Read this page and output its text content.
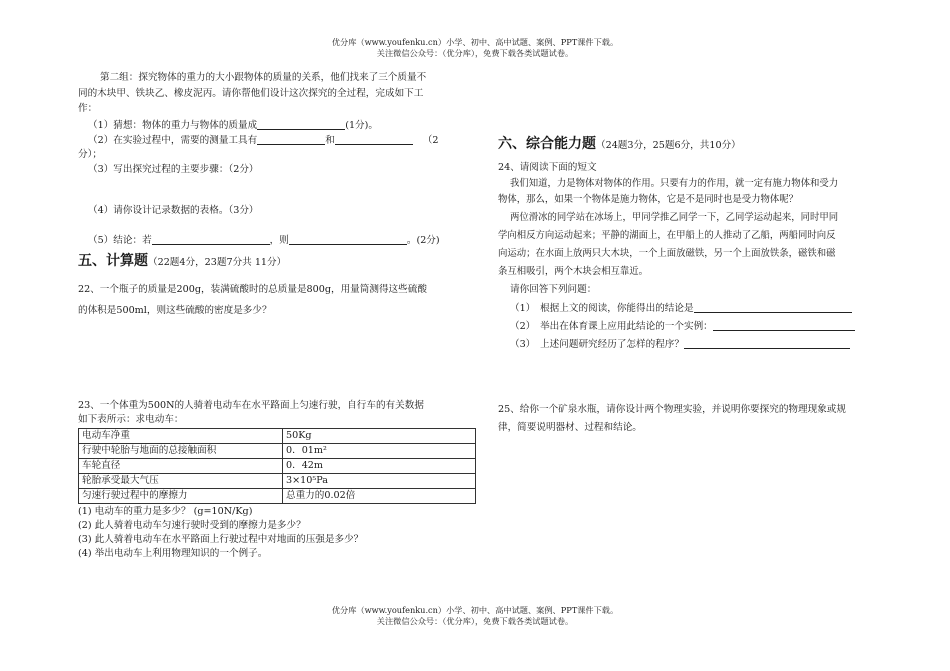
优分库（www.youfenku.cn）小学、初中、高中试题、案例、PPT课件下载。
关注微信公众号：（优分库），免费下载各类试题试卷。
第二组：探究物体的重力的大小跟物体的质量的关系，他们找来了三个质量不
同的木块甲、铁块乙、橡皮泥丙。请你帮他们设计这次探究的全过程，完成如下工
作：
（1）猜想：物体的重力与物体的质量成	(1分)。
（2）在实验过程中，需要的测量工具有	和	（2
分）；
（3）写出探究过程的主要步骤：（2分）
（4）请你设计记录数据的表格。（3分）
（5）结论：若	，则	。(2分)
五、计算题（22题4分，23题7分共 11分）
22、一个瓶子的质量是200g，装满硫酸时的总质量是800g，用量筒测得这些硫酸
的体积是500ml，则这些硫酸的密度是多少？
23、一个体重为500N的人骑着电动车在水平路面上匀速行驶，自行车的有关数据
如下表所示：求电动车：
电动车净重	50Kg
行驶中轮胎与地面的总接触面积	0．01m²
车轮直径	0．42m
轮胎承受最大气压	3×10⁵Pa
匀速行驶过程中的摩擦力	总重力的0.02倍
(1) 电动车的重力是多少？ (g=10N/Kg)
(2) 此人骑着电动车匀速行驶时受到的摩擦力是多少？
(3) 此人骑着电动车在水平路面上行驶过程中对地面的压强是多少？
(4) 举出电动车上利用物理知识的一个例子。
六、综合能力题（24题3分，25题6分，共10分）
24、请阅读下面的短文
我们知道，力是物体对物体的作用。只要有力的作用，就一定有施力物体和受力
物体，那么，如果一个物体是施力物体，它是不是同时也是受力物体呢？
两位滑冰的同学站在冰场上，甲同学推乙同学一下，乙同学运动起来，同时甲同
学向相反方向运动起来；平静的湖面上，在甲船上的人推动了乙船，两船同时向反
向运动；在水面上放两只大木块，一个上面放磁铁，另一个上面放铁条，磁铁和磁
条互相吸引，两个木块会相互靠近。
请你回答下列问题：
（1）　根据上文的阅读，你能得出的结论是
（2）　举出在体育课上应用此结论的一个实例：
（3）　上述问题研究经历了怎样的程序？
25、给你一个矿泉水瓶，请你设计两个物理实验，并说明你要探究的物理现象或规
律，简要说明器材、过程和结论。
优分库（www.youfenku.cn）小学、初中、高中试题、案例、PPT课件下载。
关注微信公众号：（优分库），免费下载各类试题试卷。
